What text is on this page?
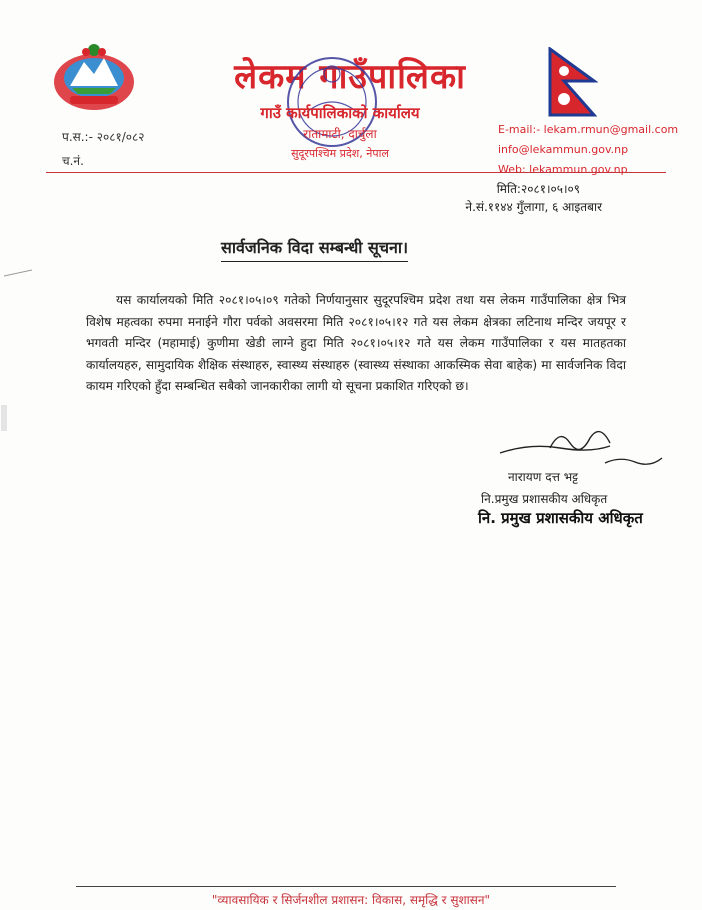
लेकम गाउँपालिका
गाउँ कार्यपालिकाको कार्यालय
रातामाटी, दार्चुला
सुदूरपश्चिम प्रदेश, नेपाल
प.स.:- २०८१/०८२
च.नं.
E-mail:- lekam.rmun@gmail.com
info@lekammun.gov.np
Web: lekammun.gov.np
मिति:२०८१।०५।०९
ने.सं.११४४ गुँलागा, ६ आइतबार
सार्वजनिक विदा सम्बन्धी सूचना।

यस कार्यालयको मिति २०८१।०५।०९ गतेको निर्णयानुसार सुदूरपश्चिम प्रदेश तथा यस लेकम गाउँपालिका क्षेत्र भित्र विशेष महत्वका रुपमा मनाईने गौरा पर्वको अवसरमा मिति २०८१।०५।१२ गते यस लेकम क्षेत्रका लटिनाथ मन्दिर जयपूर र भगवती मन्दिर (महामाई) कुणीमा खेडी लाग्ने हुदा मिति २०८१।०५।१२ गते यस लेकम गाउँपालिका र यस मातहतका कार्यालयहरु, सामुदायिक शैक्षिक संस्थाहरु, स्वास्थ्य संस्थाहरु (स्वास्थ्य संस्थाका आकस्मिक सेवा बाहेक) मा सार्वजनिक विदा कायम गरिएको हुँदा सम्बन्धित सबैको जानकारीका लागी यो सूचना प्रकाशित गरिएको छ।

नारायण दत्त भट्ट
नि.प्रमुख प्रशासकीय अधिकृत
नि. प्रमुख प्रशासकीय अधिकृत
"व्यावसायिक र सिर्जनशील प्रशासन: विकास, समृद्धि र सुशासन"
